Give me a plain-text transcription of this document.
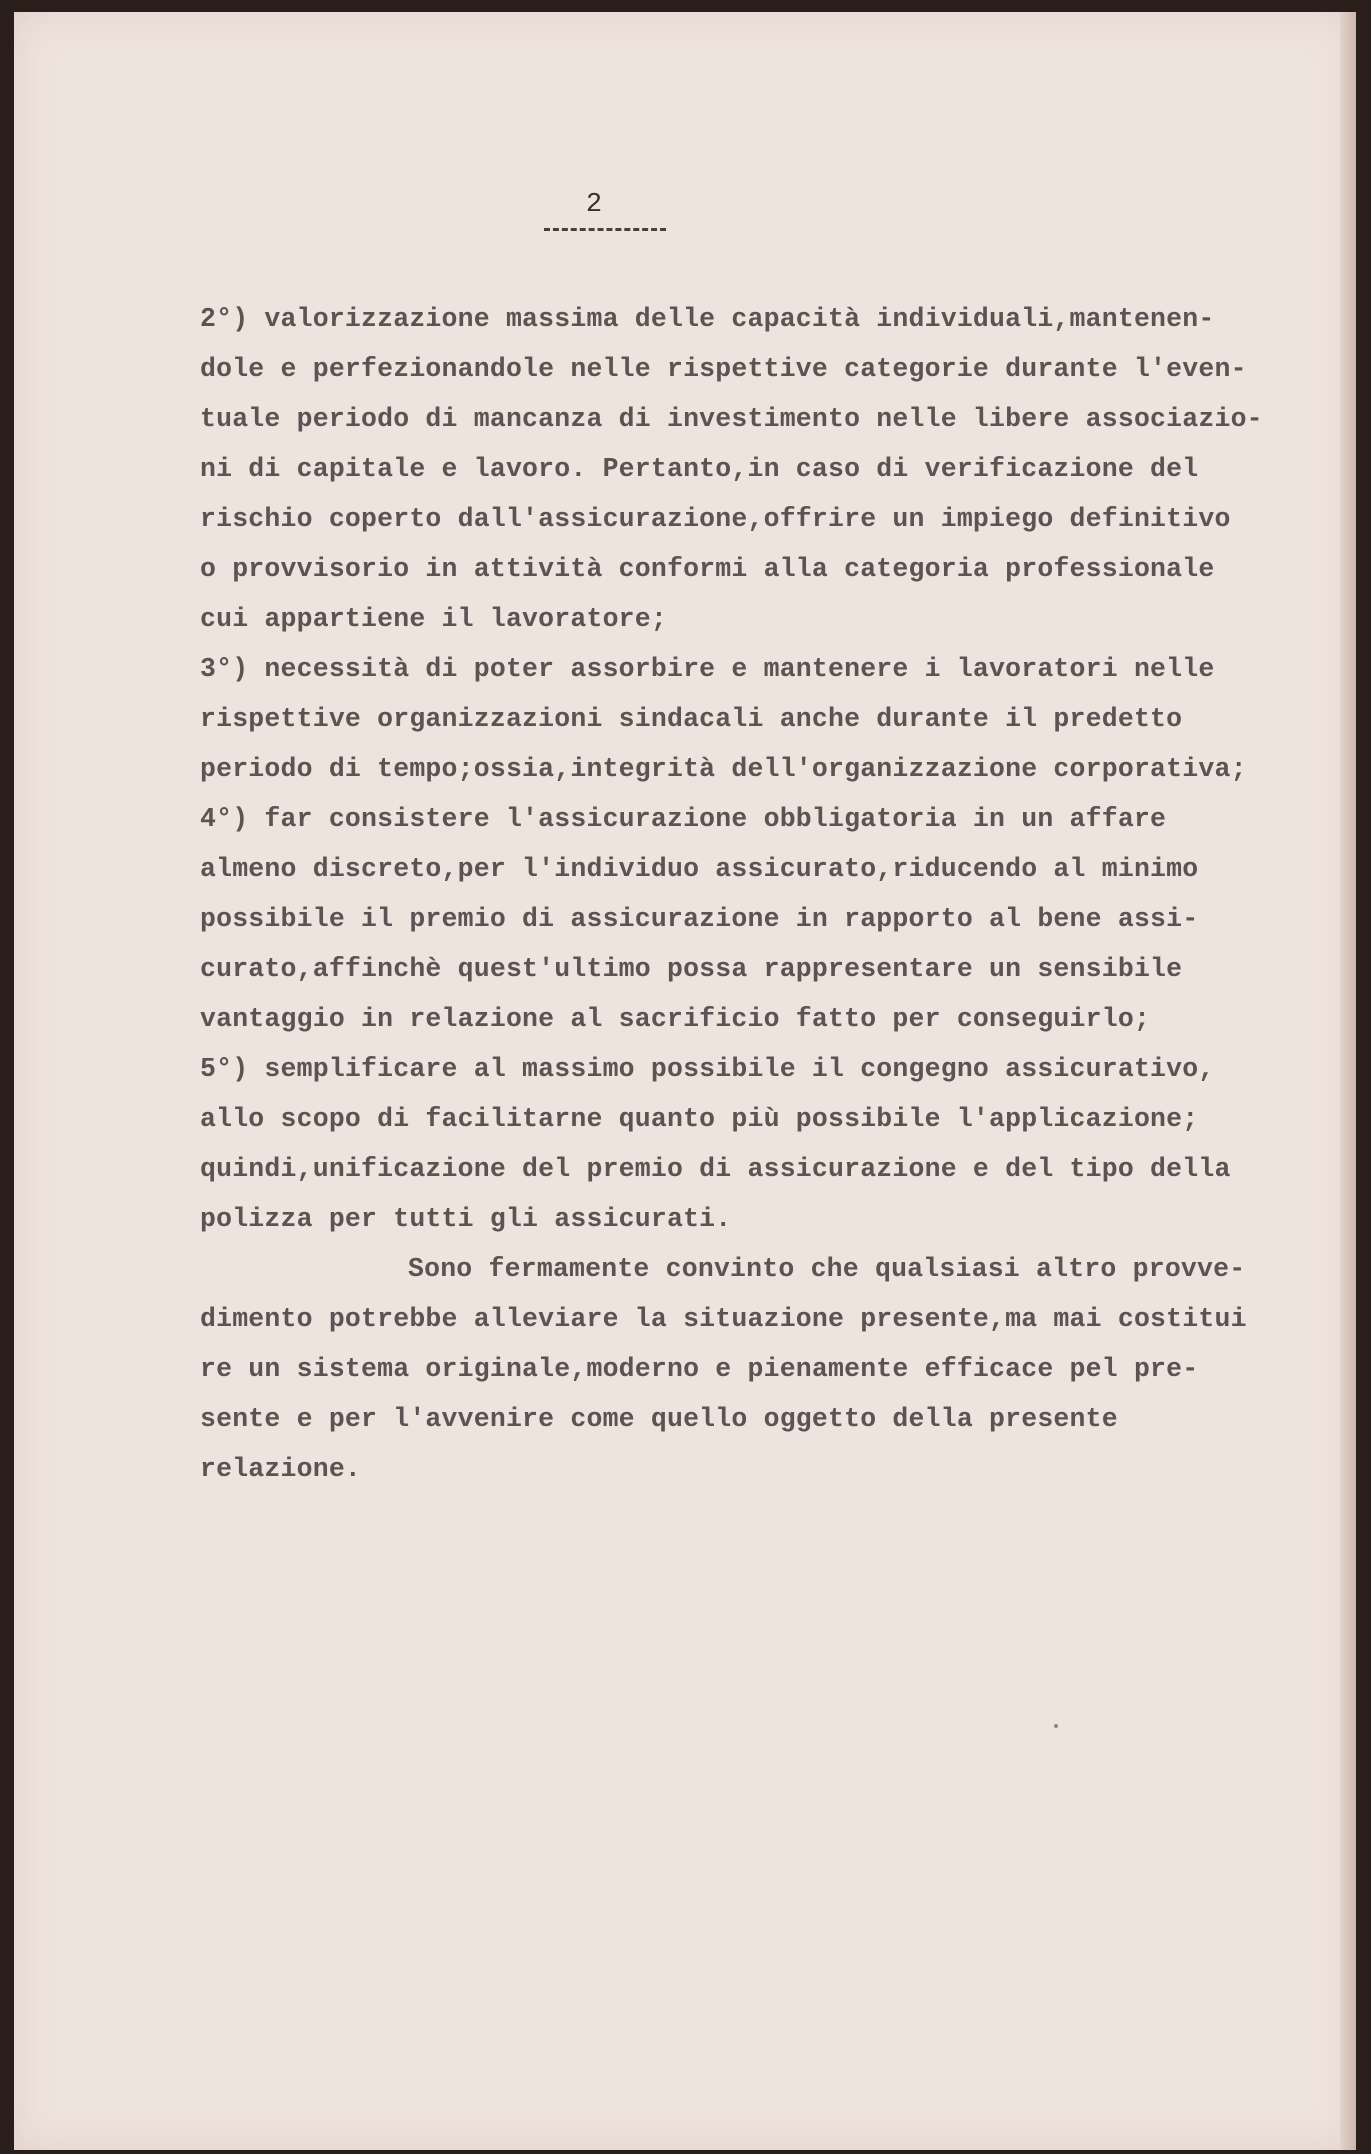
2
2°) valorizzazione massima delle capacità individuali,mantenen-
dole e perfezionandole nelle rispettive categorie durante l'even-
tuale periodo di mancanza di investimento nelle libere associazio-
ni di capitale e lavoro. Pertanto,in caso di verificazione del
rischio coperto dall'assicurazione,offrire un impiego definitivo
o provvisorio in attività conformi alla categoria professionale
cui appartiene il lavoratore;
3°) necessità di poter assorbire e mantenere i lavoratori nelle
rispettive organizzazioni sindacali anche durante il predetto
periodo di tempo;ossia,integrità dell'organizzazione corporativa;
4°) far consistere l'assicurazione obbligatoria in un affare
almeno discreto,per l'individuo assicurato,riducendo al minimo
possibile il premio di assicurazione in rapporto al bene assi-
curato,affinchè quest'ultimo possa rappresentare un sensibile
vantaggio in relazione al sacrificio fatto per conseguirlo;
5°) semplificare al massimo possibile il congegno assicurativo,
allo scopo di facilitarne quanto più possibile l'applicazione;
quindi,unificazione del premio di assicurazione e del tipo della
polizza per tutti gli assicurati.
Sono fermamente convinto che qualsiasi altro provve-
dimento potrebbe alleviare la situazione presente,ma mai costitui
re un sistema originale,moderno e pienamente efficace pel pre-
sente e per l'avvenire come quello oggetto della presente
relazione.
